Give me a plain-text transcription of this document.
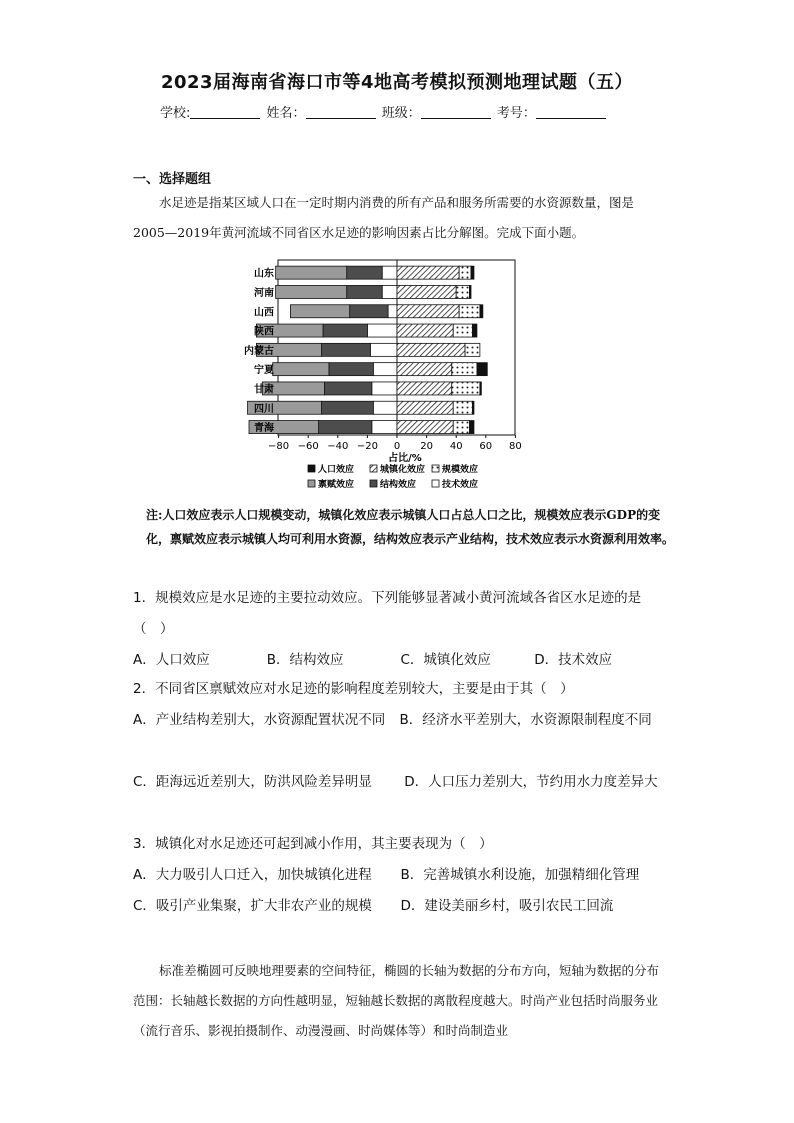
2023届海南省海口市等4地高考模拟预测地理试题（五）
学校:	姓名：	班级：	考号：
一、选择题组

水足迹是指某区域人口在一定时期内消费的所有产品和服务所需要的水资源数量，图是2005—2019年黄河流域不同省区水足迹的影响因素占比分解图。完成下面小题。

山东
河南
山西
陕西
内蒙古
宁夏
甘肃
四川
青海
−80 −60 −40 −20 0 20 40 60 80
占比/%
人口效应	城镇化效应 规模效应
禀赋效应	结构效应	技术效应
注:人口效应表示人口规模变动，城镇化效应表示城镇人口占总人口之比，规模效应表示GDP的变化，禀赋效应表示城镇人均可利用水资源，结构效应表示产业结构，技术效应表示水资源利用效率。
1．规模效应是水足迹的主要拉动效应。下列能够显著减小黄河流域各省区水足迹的是（　）
A．人口效应	B．结构效应	C．城镇化效应	D．技术效应
2．不同省区禀赋效应对水足迹的影响程度差别较大，主要是由于其（　）
A．产业结构差别大，水资源配置状况不同 B．经济水平差别大，水资源限制程度不同
C．距海远近差别大，防洪风险差异明显 D．人口压力差别大，节约用水力度差异大
3．城镇化对水足迹还可起到减小作用，其主要表现为（　）
A．大力吸引人口迁入，加快城镇化进程	B．完善城镇水利设施，加强精细化管理
C．吸引产业集聚，扩大非农产业的规模	D．建设美丽乡村，吸引农民工回流

标准差椭圆可反映地理要素的空间特征，椭圆的长轴为数据的分布方向，短轴为数据的分布范围：长轴越长数据的方向性越明显，短轴越长数据的离散程度越大。时尚产业包括时尚服务业（流行音乐、影视拍摄制作、动漫漫画、时尚媒体等）和时尚制造业
